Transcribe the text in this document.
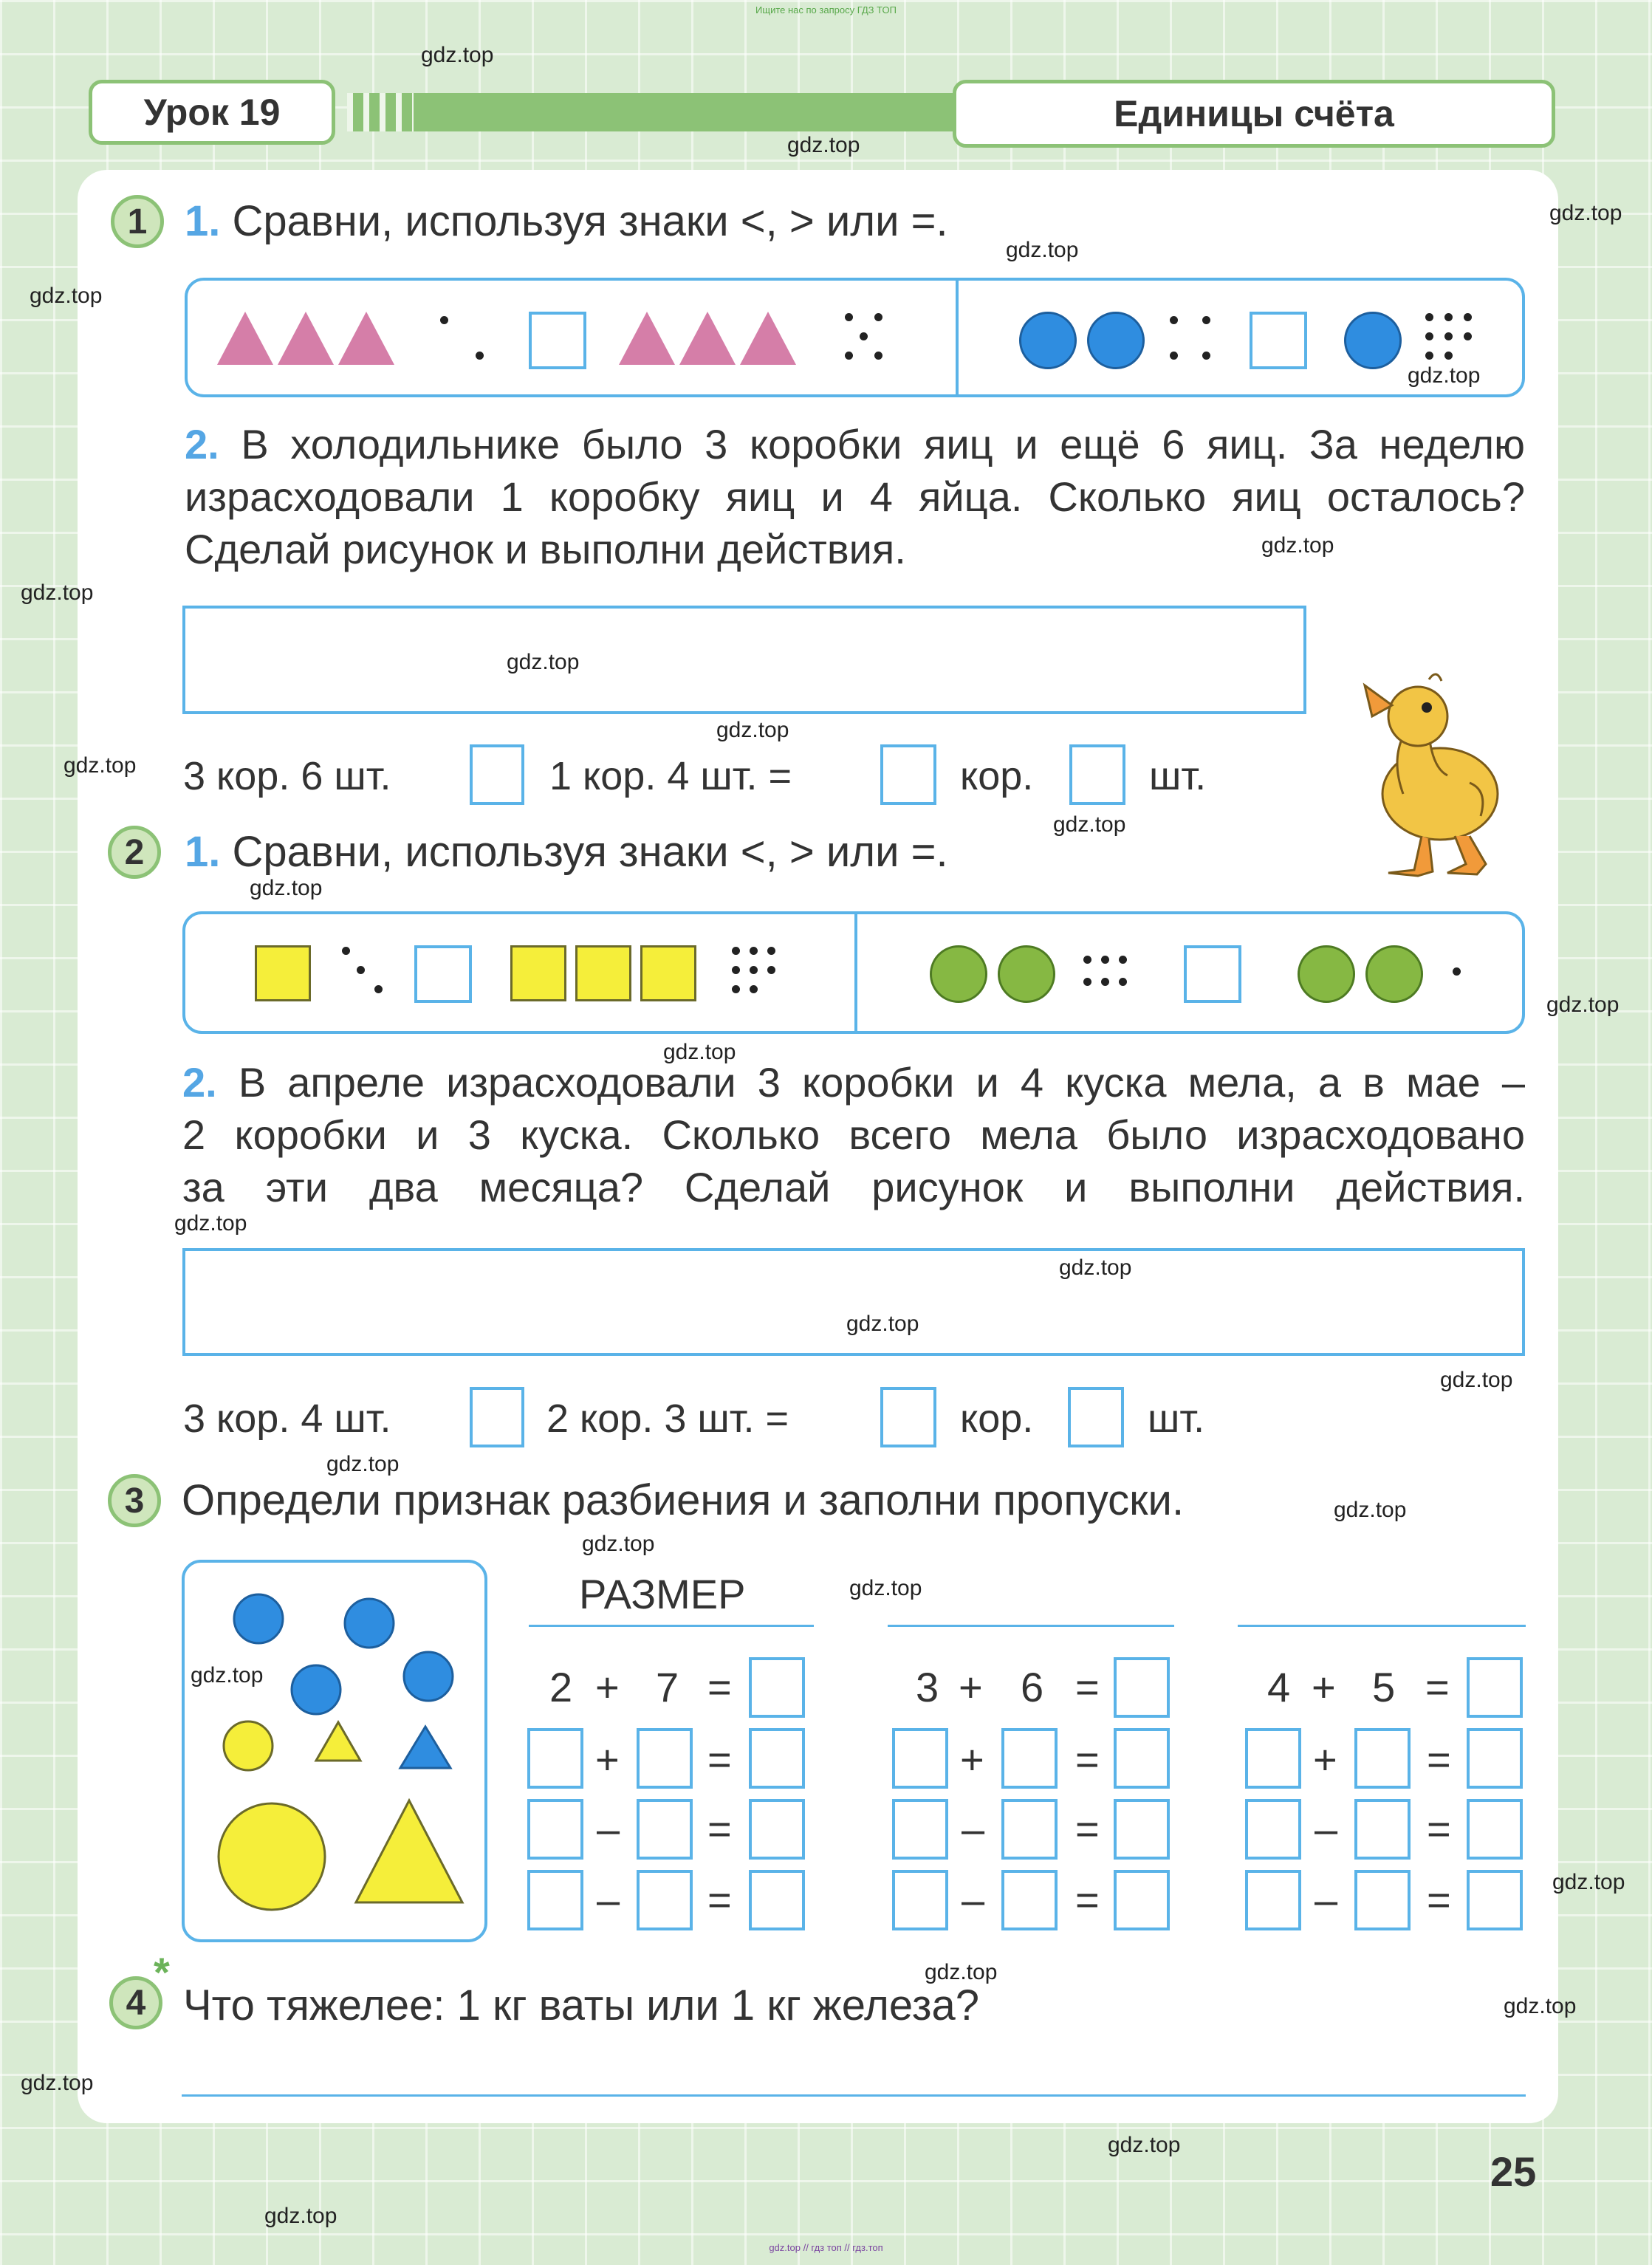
Ищите нас по запросу ГДЗ ТОП
Урок 19	Единицы счёта
1 1. Сравни, используя знаки <, > или =.
2. В холодильнике было 3 коробки яиц и ещё 6 яиц. За неделю
израсходовали 1 коробку яиц и 4 яйца. Сколько яиц осталось?
Сделай рисунок и выполни действия.
3 кор. 6 шт.	1 кор. 4 шт. =	кор.	шт.
2 1. Сравни, используя знаки <, > или =.
2. В апреле израсходовали 3 коробки и 4 куска мела, а в мае –
2 коробки и 3 куска. Сколько всего мела было израсходовано
за эти два месяца? Сделай рисунок и выполни действия.
3 кор. 4 шт.	2 кор. 3 шт. =	кор.	шт.
3 Определи признак разбиения и заполни пропуски.
РАЗМЕР
2 + 7 =
+ =
– =
– =
3 + 6 =
+ =
– =
– =
4 + 5 =
+ =
– =
– =
4
*
Что тяжелее: 1 кг ваты или 1 кг железа?
25
gdz.top
gdz.top
gdz.top
gdz.top
gdz.top
gdz.top
gdz.top
gdz.top
gdz.top
gdz.top
gdz.top
gdz.top
gdz.top
gdz.top
gdz.top
gdz.top
gdz.top
gdz.top
gdz.top
gdz.top
gdz.top
gdz.top
gdz.top
gdz.top
gdz.top
gdz.top
gdz.top
gdz.top
gdz.top
gdz.top
gdz.top // гдз топ // гдз.топ
